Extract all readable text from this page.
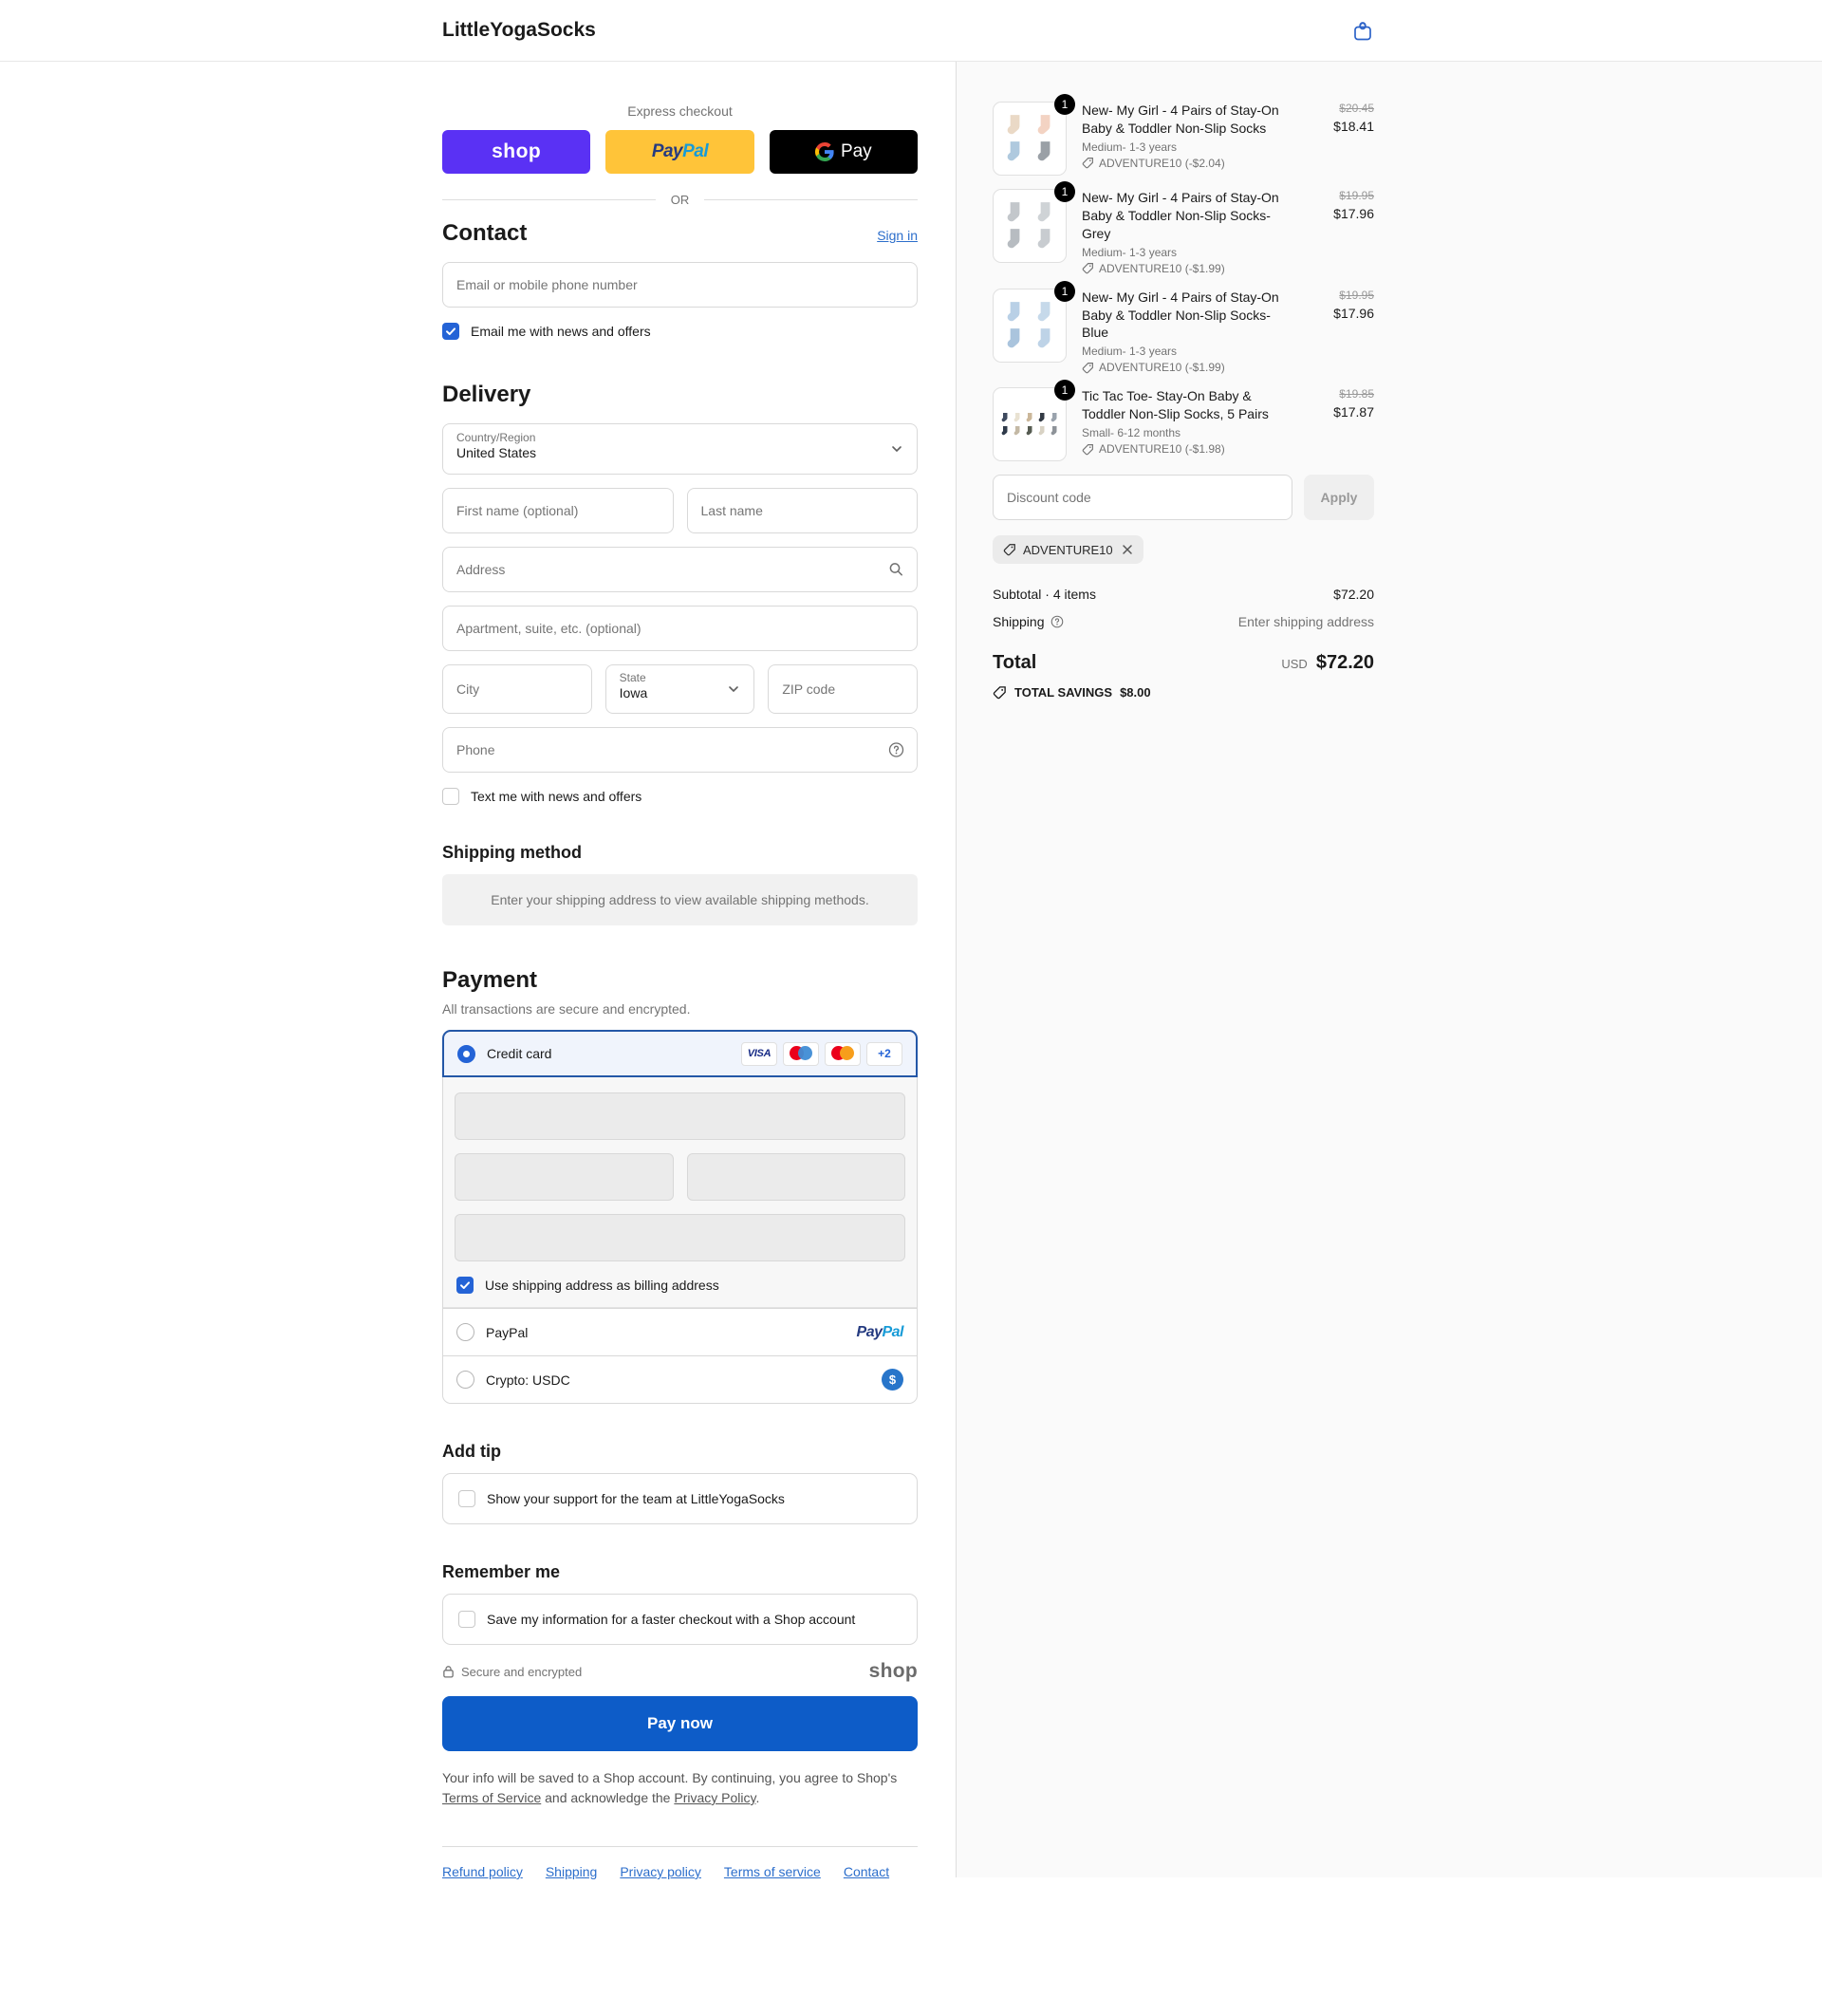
LittleYogaSocks
Express checkout
shop	PayPal	Pay
OR
Contact	Sign in
Email or mobile phone number
Email me with news and offers
Delivery
Country/Region
United States
First name (optional)
Last name
Address
Apartment, suite, etc. (optional)
City
State
Iowa
ZIP code
Phone
Text me with news and offers
Shipping method
Enter your shipping address to view available shipping methods.
Payment
All transactions are secure and encrypted.
Credit card	VISA	+2
Use shipping address as billing address
PayPal	Pay Pal
Crypto: USDC	$
Add tip
Show your support for the team at LittleYogaSocks
Remember me
Save my information for a faster checkout with a Shop account
Secure and encrypted	shop
Pay now
Your info will be saved to a Shop account. By continuing, you agree to Shop's Terms of Service and acknowledge the Privacy Policy.
Refund policy Shipping Privacy policy Terms of service Contact
1	New- My Girl - 4 Pairs of Stay-On Baby & Toddler Non-Slip Socks
Medium- 1-3 years
ADVENTURE10 (-$2.04)
$20.45
$18.41
1	New- My Girl - 4 Pairs of Stay-On Baby & Toddler Non-Slip Socks- Grey
Medium- 1-3 years
ADVENTURE10 (-$1.99)
$19.95
$17.96
1	New- My Girl - 4 Pairs of Stay-On Baby & Toddler Non-Slip Socks- Blue
Medium- 1-3 years
ADVENTURE10 (-$1.99)
$19.95
$17.96
1	Tic Tac Toe- Stay-On Baby & Toddler Non-Slip Socks, 5 Pairs
Small- 6-12 months
ADVENTURE10 (-$1.98)
$19.85
$17.87
Discount code
Apply
ADVENTURE10
Subtotal · 4 items	$72.20
Shipping	Enter shipping address
Total	USD $72.20
TOTAL SAVINGS $8.00
